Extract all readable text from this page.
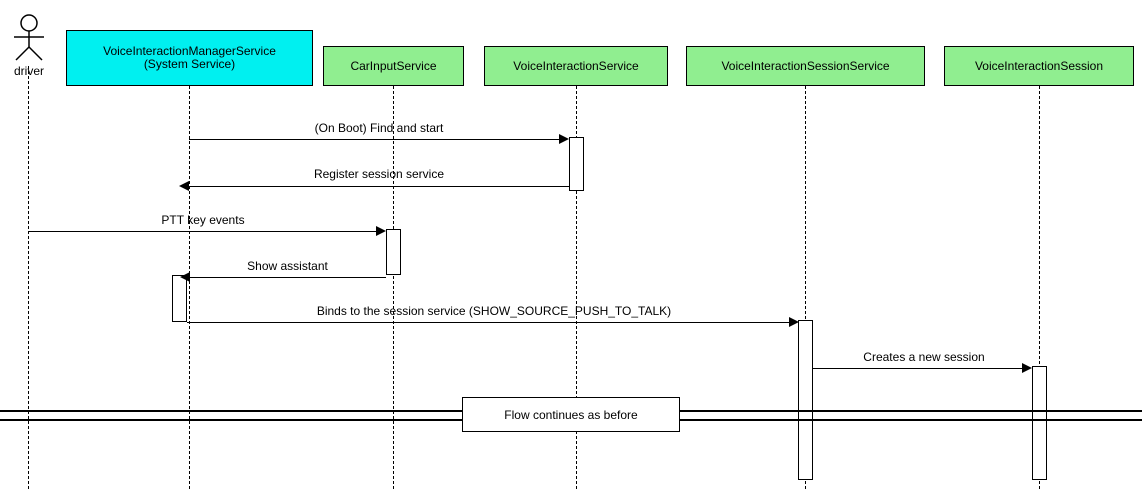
driver
VoiceInteractionManagerService
(System Service)	CarInputService	VoiceInteractionService	VoiceInteractionSessionService	VoiceInteractionSession
(On Boot) Find and start
Register session service
PTT key events
Show assistant
Binds to the session service (SHOW_SOURCE_PUSH_TO_TALK)
Creates a new session
Flow continues as before
